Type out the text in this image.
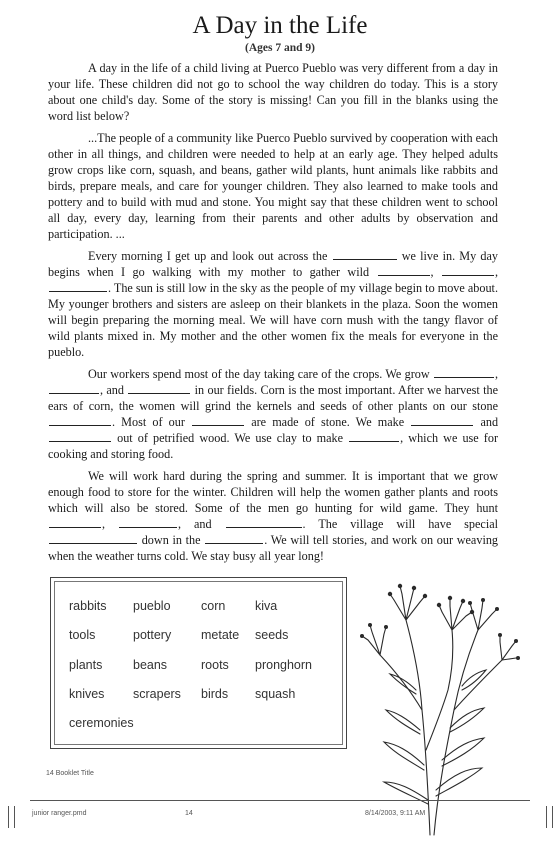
A Day in the Life
(Ages 7 and 9)

A day in the life of a child living at Puerco Pueblo was very different from a day in your life. These children did not go to school the way children do today. This is a story about one child's day. Some of the story is missing! Can you fill in the blanks using the word list below?

...The people of a community like Puerco Pueblo survived by cooperation with each other in all things, and children were needed to help at an early age. They helped adults grow crops like corn, squash, and beans, gather wild plants, hunt animals like rabbits and birds, prepare meals, and care for younger children. They also learned to make tools and pottery and to build with mud and stone. You might say that these children went to school all day, every day, learning from their parents and other adults by observation and participation. ...

Every morning I get up and look out across the	we live in. My day begins when I go walking with my mother to gather wild	,	, . The sun is still low in the sky as the people of my village begin to move about. My younger brothers and sisters are asleep on their blankets in the plaza. Soon the women will begin preparing the morning meal. We will have corn mush with the tangy flavor of wild plants mixed in. My mother and the other women fix the meals for everyone in the pueblo.

Our workers spend most of the day taking care of the crops. We grow	, , and	in our fields. Corn is the most important. After we harvest the ears of corn, the women will grind the kernels and seeds of other plants on our stone . Most of our	are made of stone. We make	and  out of petrified wood. We use clay to make	, which we use for cooking and storing food.

We will work hard during the spring and summer. It is important that we grow enough food to store for the winter. Children will help the women gather plants and roots which will also be stored. Some of the men go hunting for wild game. They hunt ,	, and	. The village will have special  down in the	. We will tell stories, and work on our weaving when the weather turns cold. We stay busy all year long!

rabbits pueblo corn kiva
tools	pottery metate seeds
plants beans	roots pronghorn
knives scrapers birds squash
ceremonies
14 Booklet Title
junior ranger.pmd	14	8/14/2003, 9:11 AM
